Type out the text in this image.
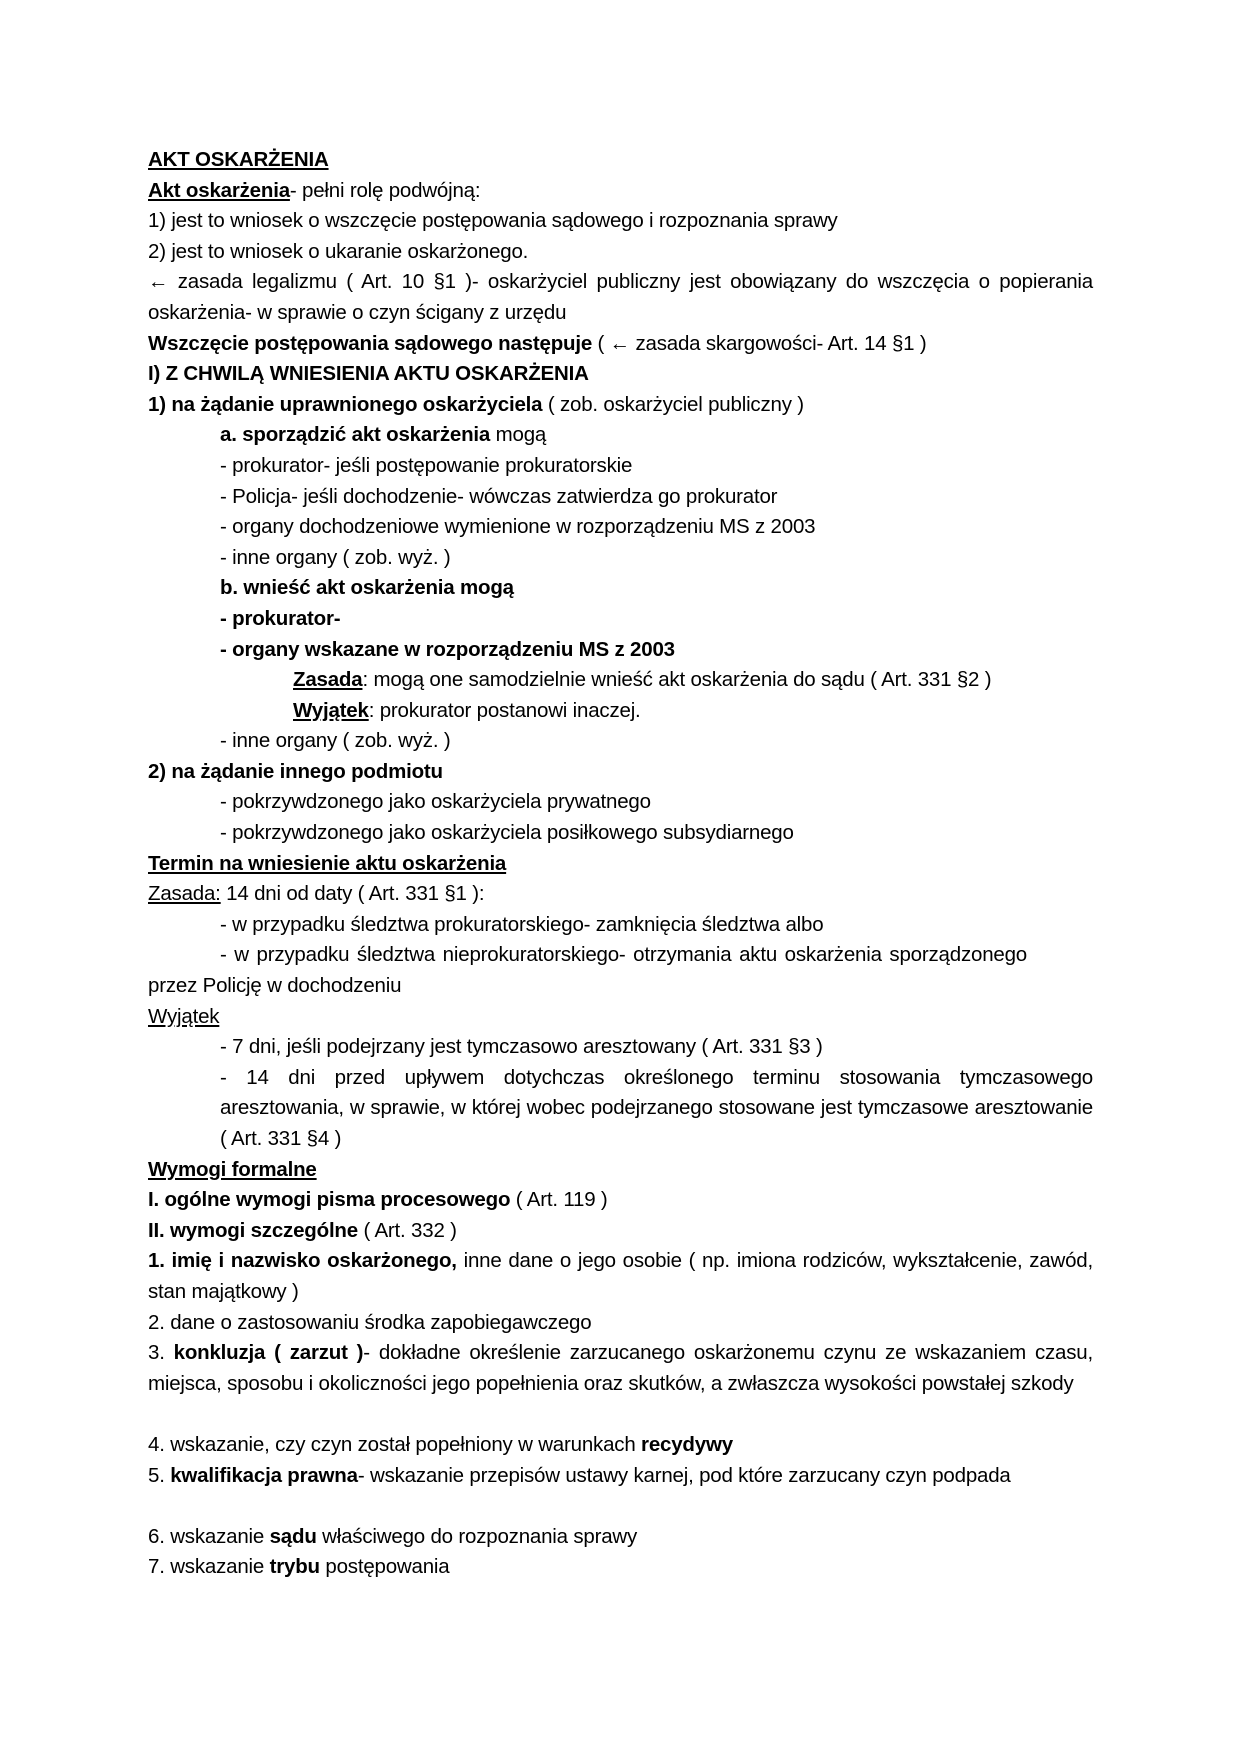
AKT OSKARŻENIA
Akt oskarżenia- pełni rolę podwójną:
1) jest to wniosek o wszczęcie postępowania sądowego i rozpoznania sprawy
2) jest to wniosek o ukaranie oskarżonego.
← zasada legalizmu ( Art. 10 §1 )- oskarżyciel publiczny jest obowiązany do wszczęcia o popierania oskarżenia- w sprawie o czyn ścigany z urzędu
Wszczęcie postępowania sądowego następuje ( ← zasada skargowości- Art. 14 §1 )
I) Z CHWILĄ WNIESIENIA AKTU OSKARŻENIA
1) na żądanie uprawnionego oskarżyciela ( zob. oskarżyciel publiczny )
a. sporządzić akt oskarżenia mogą
- prokurator- jeśli postępowanie prokuratorskie
- Policja- jeśli dochodzenie- wówczas zatwierdza go prokurator
- organy dochodzeniowe wymienione w rozporządzeniu MS z 2003
- inne organy ( zob. wyż. )
b. wnieść akt oskarżenia mogą
- prokurator-
- organy wskazane w rozporządzeniu MS z 2003
Zasada: mogą one samodzielnie wnieść akt oskarżenia do sądu ( Art. 331 §2 )
Wyjątek: prokurator postanowi inaczej.
- inne organy ( zob. wyż. )
2) na żądanie innego podmiotu
- pokrzywdzonego jako oskarżyciela prywatnego
- pokrzywdzonego jako oskarżyciela posiłkowego subsydiarnego
Termin na wniesienie aktu oskarżenia
Zasada: 14 dni od daty ( Art. 331 §1 ):
- w przypadku śledztwa prokuratorskiego- zamknięcia śledztwa albo
- w przypadku śledztwa nieprokuratorskiego- otrzymania aktu oskarżenia sporządzonegoprzez Policję w dochodzeniu
Wyjątek
- 7 dni, jeśli podejrzany jest tymczasowo aresztowany ( Art. 331 §3 )
- 14 dni przed upływem dotychczas określonego terminu stosowania tymczasowego aresztowania, w sprawie, w której wobec podejrzanego stosowane jest tymczasowe aresztowanie ( Art. 331 §4 )
Wymogi formalne
I. ogólne wymogi pisma procesowego ( Art. 119 )
II. wymogi szczególne ( Art. 332 )
1. imię i nazwisko oskarżonego, inne dane o jego osobie ( np. imiona rodziców, wykształcenie, zawód, stan majątkowy )
2. dane o zastosowaniu środka zapobiegawczego
3. konkluzja ( zarzut )- dokładne określenie zarzucanego oskarżonemu czynu ze wskazaniem czasu, miejsca, sposobu i okoliczności jego popełnienia oraz skutków, a zwłaszcza wysokości powstałej szkody
4. wskazanie, czy czyn został popełniony w warunkach recydywy
5. kwalifikacja prawna- wskazanie przepisów ustawy karnej, pod które zarzucany czyn podpada
6. wskazanie sądu właściwego do rozpoznania sprawy
7. wskazanie trybu postępowania
